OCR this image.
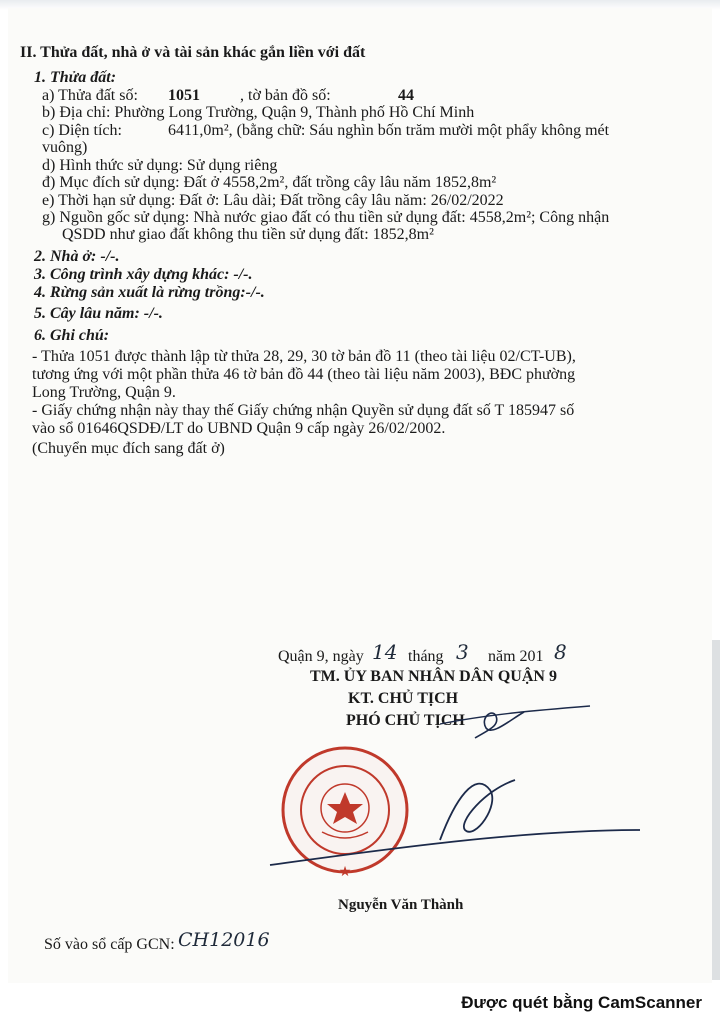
II. Thửa đất, nhà ở và tài sản khác gắn liền với đất
1. Thửa đất:
a) Thửa đất số: 1051	, tờ bản đồ số:	44
b) Địa chỉ: Phường Long Trường, Quận 9, Thành phố Hồ Chí Minh
c) Diện tích:	6411,0m², (bằng chữ: Sáu nghìn bốn trăm mười một phẩy không mét
vuông)
d) Hình thức sử dụng: Sử dụng riêng
đ) Mục đích sử dụng: Đất ở 4558,2m², đất trồng cây lâu năm 1852,8m²
e) Thời hạn sử dụng: Đất ở: Lâu dài; Đất trồng cây lâu năm: 26/02/2022
g) Nguồn gốc sử dụng: Nhà nước giao đất có thu tiền sử dụng đất: 4558,2m²; Công nhận
QSDD như giao đất không thu tiền sử dụng đất: 1852,8m²
2. Nhà ở: -/-.
3. Công trình xây dựng khác: -/-.
4. Rừng sản xuất là rừng trồng:-/-.
5. Cây lâu năm: -/-.
6. Ghi chú:
- Thửa 1051 được thành lập từ thửa 28, 29, 30 tờ bản đồ 11 (theo tài liệu 02/CT-UB),
tương ứng với một phần thửa 46 tờ bản đồ 44 (theo tài liệu năm 2003), BĐC phường
Long Trường, Quận 9.
- Giấy chứng nhận này thay thế Giấy chứng nhận Quyền sử dụng đất số T 185947 số
vào sổ 01646QSDĐ/LT do UBND Quận 9 cấp ngày 26/02/2002.
(Chuyển mục đích sang đất ở)
Quận 9, ngày 14 tháng 3 năm 201 8
TM. ỦY BAN NHÂN DÂN QUẬN 9
KT. CHỦ TỊCH
PHÓ CHỦ TỊCH
★
Nguyễn Văn Thành
Số vào sổ cấp GCN: CH12016
Được quét bằng CamScanner
